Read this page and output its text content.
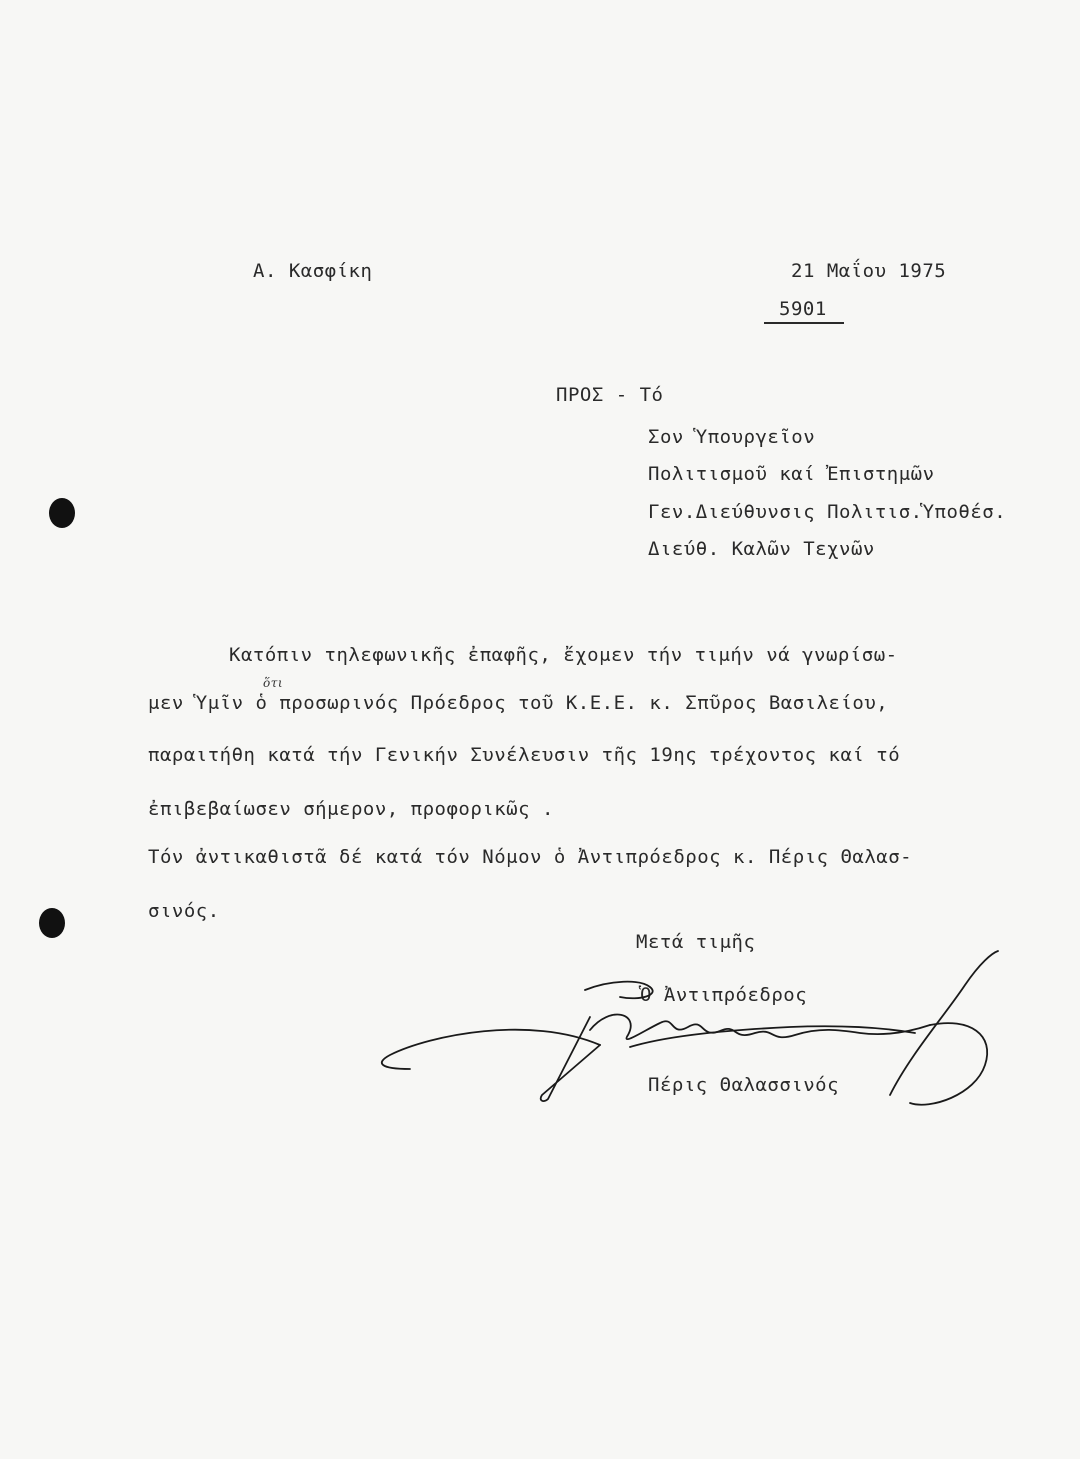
Α. Κασφίκη	21 Μαΐου 1975
5901
ΠΡΟΣ - Τό
Σον Ὑπουργεῖον
Πολιτισμοῦ καί Ἐπιστημῶν
Γεν.Διεύθυνσις Πολιτισ.Ὑποθέσ.
Διεύθ. Καλῶν Τεχνῶν
Κατόπιν τηλεφωνικῆς ἐπαφῆς, ἔχομεν τήν τιμήν νά γνωρίσω-
ὅτι
μεν Ὑμῖν ὁ προσωρινός Πρόεδρος τοῦ Κ.Ε.Ε. κ. Σπῦρος Βασιλείου,
παραιτήθη κατά τήν Γενικήν Συνέλευσιν τῆς 19ης τρέχοντος καί τό
ἐπιβεβαίωσεν σήμερον, προφορικῶς .
Τόν ἀντικαθιστᾶ δέ κατά τόν Νόμον ὁ Ἀντιπρόεδρος κ. Πέρις Θαλασ-
σινός.
Μετά τιμῆς
Ὁ Ἀντιπρόεδρος
Πέρις Θαλασσινός
